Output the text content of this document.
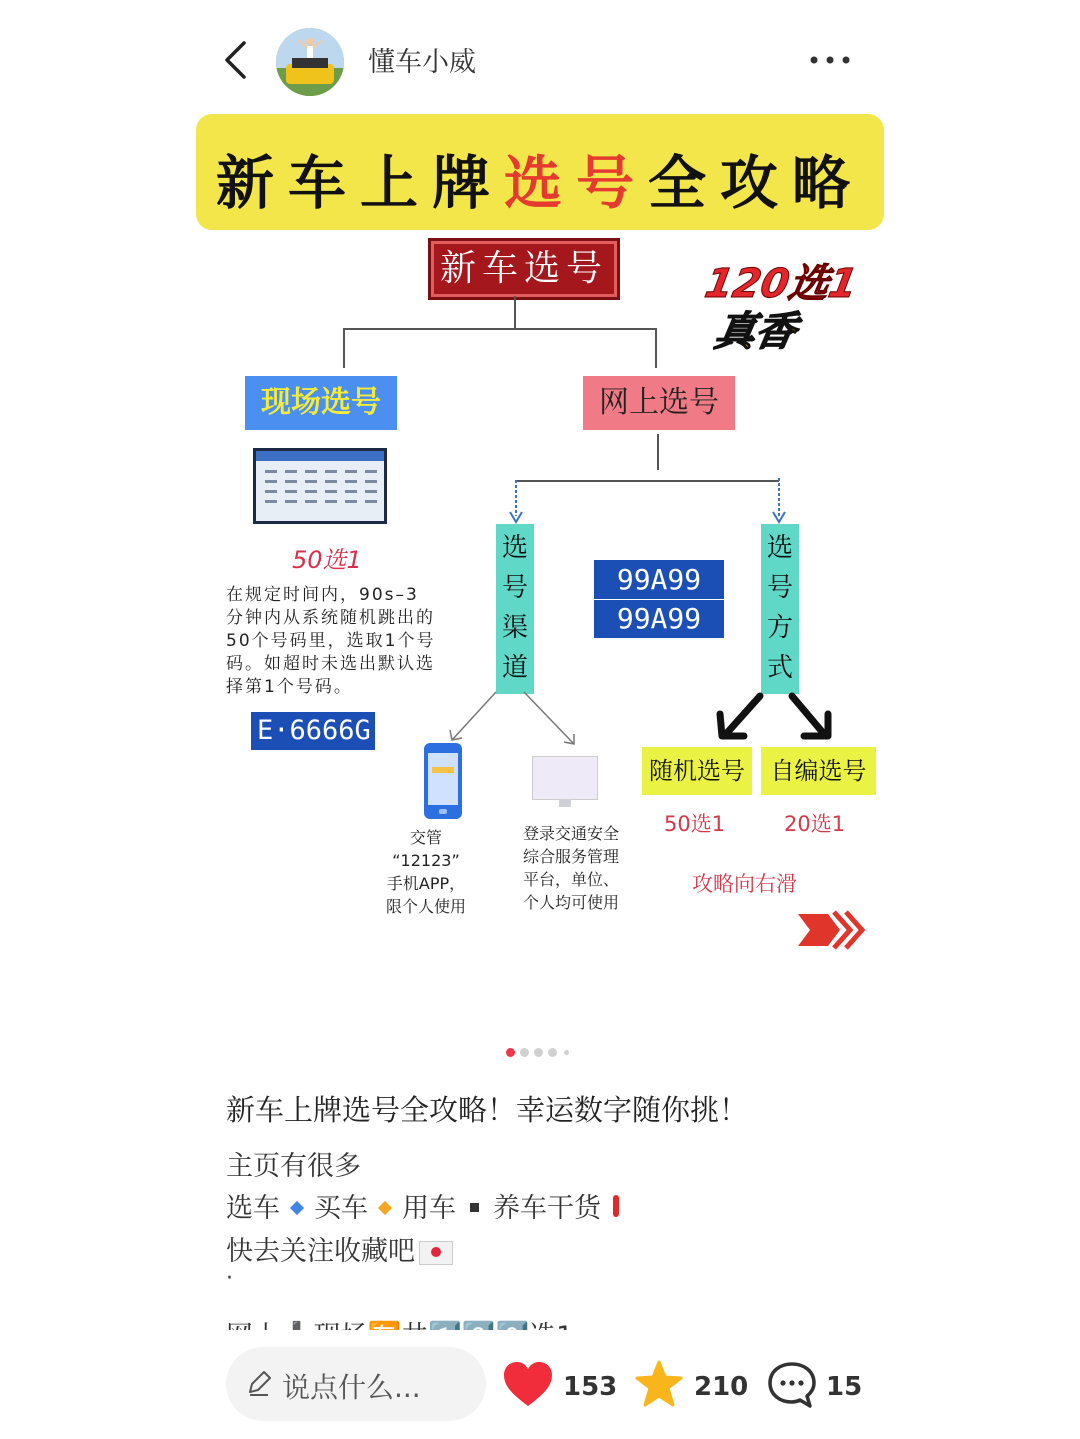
懂车小威
新车上牌选号全攻略
新车选号	120选1
真香
现场选号	网上选号
50选1
在规定时间内，90s–3分钟内从系统随机跳出的50个号码里，选取1个号码。如超时未选出默认选择第1个号码。
E·6666G
选
号
渠
道
选
号
方
式
99A99
99A99
交管
“12123”
手机APP，
限个人使用
登录交通安全
综合服务管理
平台，单位、
个人均可使用
随机选号	自编选号
50选1	20选1
攻略向右滑
新车上牌选号全攻略！幸运数字随你挑！
主页有很多
选车 买车 用车 养车干货
快去关注收藏吧
·
说点什么...	153	210	15
